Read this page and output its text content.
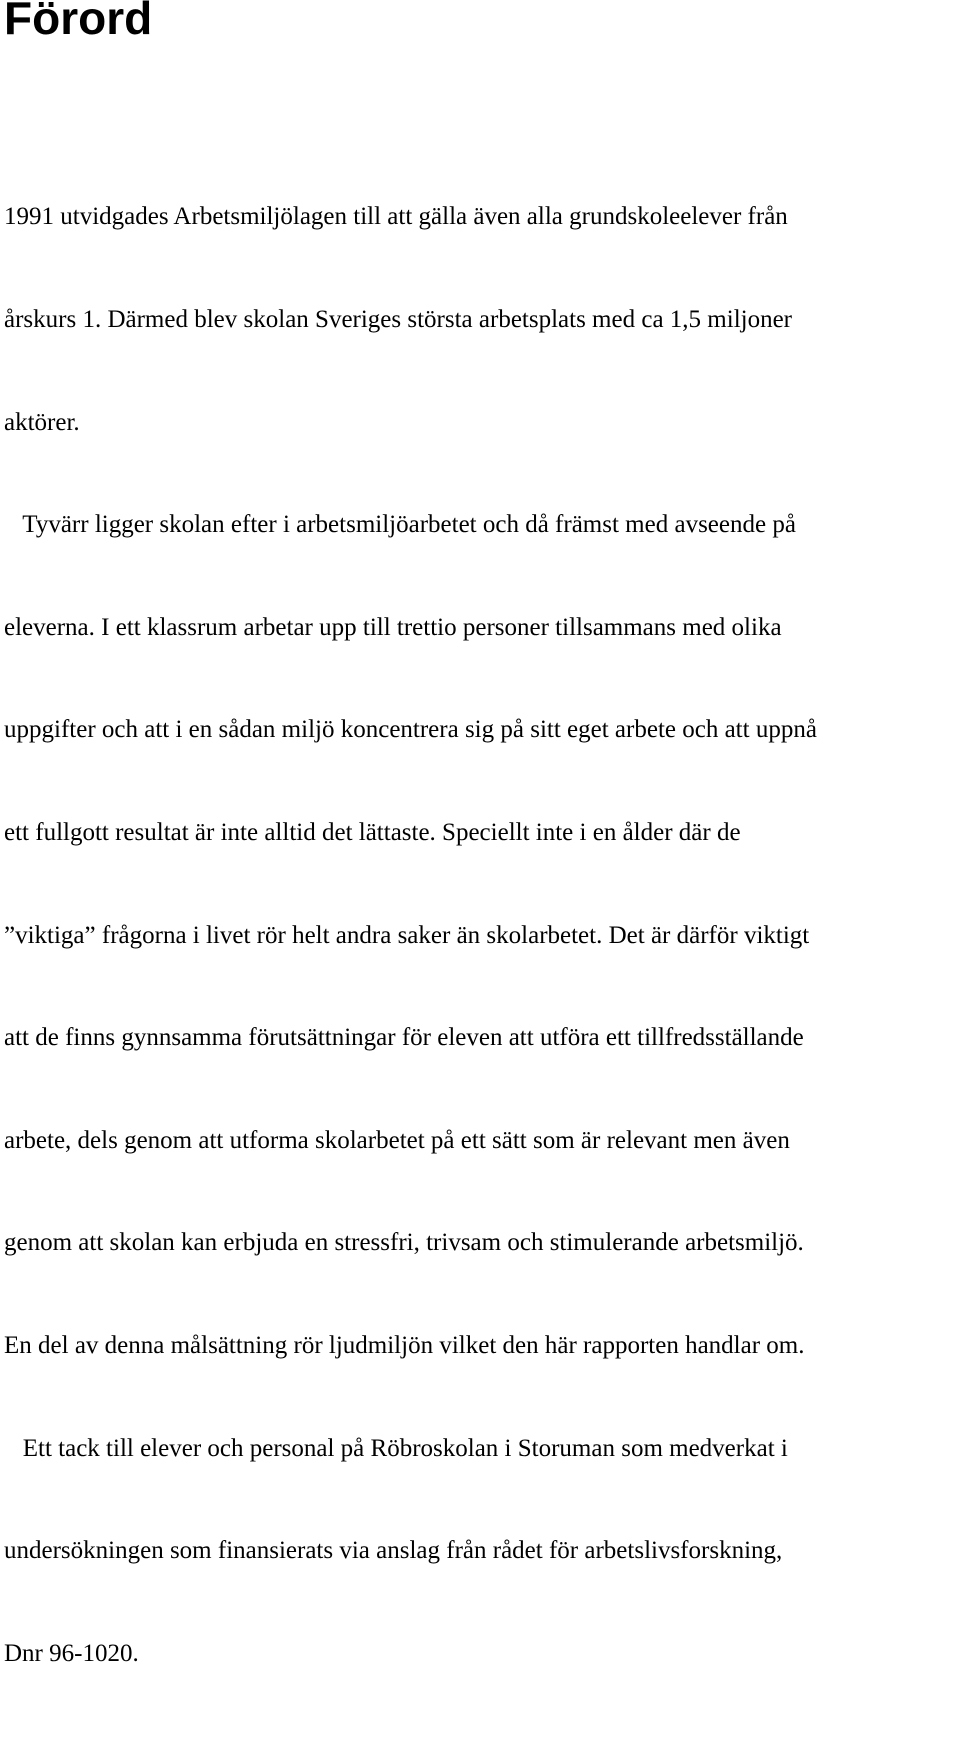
Förord

1991 utvidgades Arbetsmiljölagen till att gälla även alla grundskoleelever från

årskurs 1. Därmed blev skolan Sveriges största arbetsplats med ca 1,5 miljoner

aktörer.

Tyvärr ligger skolan efter i arbetsmiljöarbetet och då främst med avseende på

eleverna. I ett klassrum arbetar upp till trettio personer tillsammans med olika

uppgifter och att i en sådan miljö koncentrera sig på sitt eget arbete och att uppnå

ett fullgott resultat är inte alltid det lättaste. Speciellt inte i en ålder där de

”viktiga” frågorna i livet rör helt andra saker än skolarbetet. Det är därför viktigt

att de finns gynnsamma förutsättningar för eleven att utföra ett tillfredsställande

arbete, dels genom att utforma skolarbetet på ett sätt som är relevant men även

genom att skolan kan erbjuda en stressfri, trivsam och stimulerande arbetsmiljö.

En del av denna målsättning rör ljudmiljön vilket den här rapporten handlar om.

Ett tack till elever och personal på Röbroskolan i Storuman som medverkat i

undersökningen som finansierats via anslag från rådet för arbetslivsforskning,

Dnr 96-1020.
